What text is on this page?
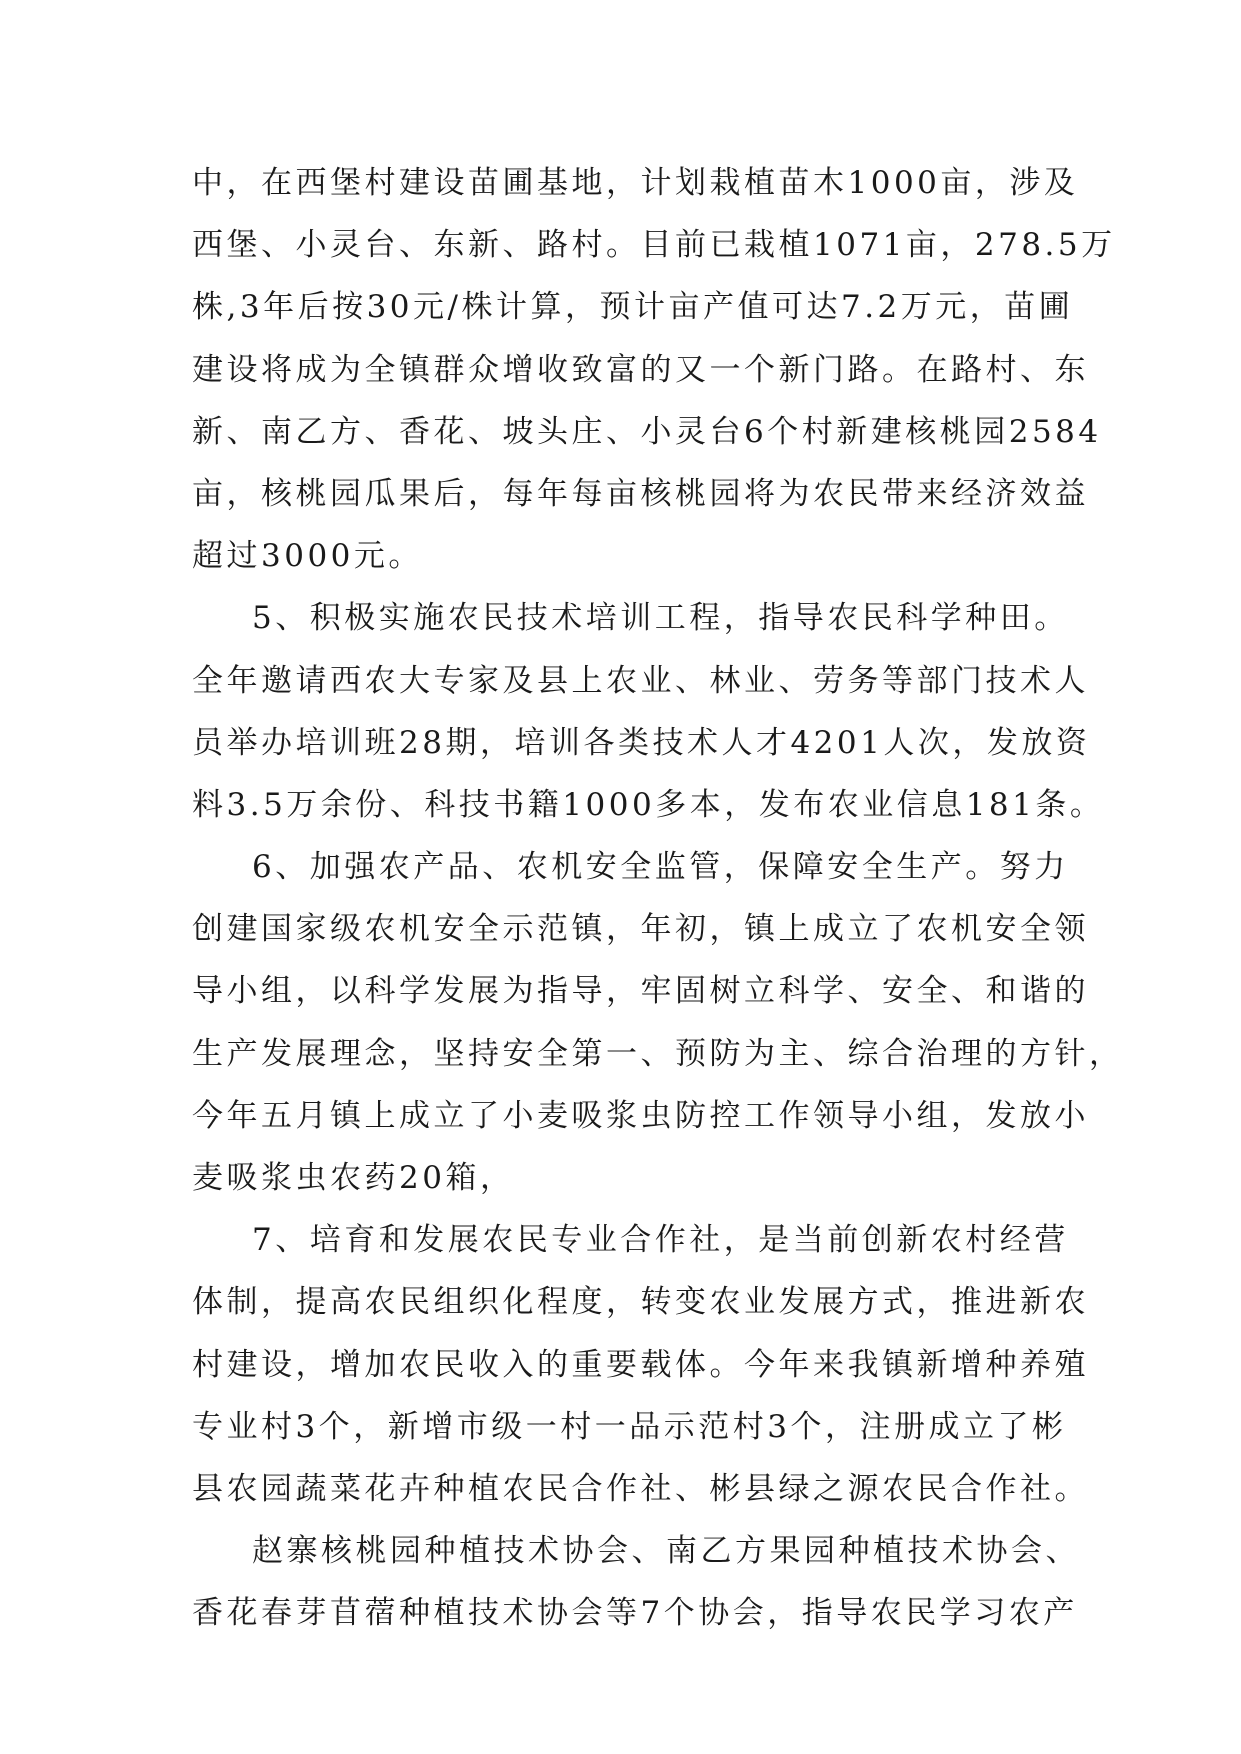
中，在西堡村建设苗圃基地，计划栽植苗木1000亩，涉及
西堡、小灵台、东新、路村。目前已栽植1071亩，278.5万
株,3年后按30元/株计算，预计亩产值可达7.2万元，苗圃
建设将成为全镇群众增收致富的又一个新门路。在路村、东
新、南乙方、香花、坡头庄、小灵台6个村新建核桃园2584
亩，核桃园瓜果后，每年每亩核桃园将为农民带来经济效益
超过3000元。
5、积极实施农民技术培训工程，指导农民科学种田。
全年邀请西农大专家及县上农业、林业、劳务等部门技术人
员举办培训班28期，培训各类技术人才4201人次，发放资
料3.5万余份、科技书籍1000多本，发布农业信息181条。
6、加强农产品、农机安全监管，保障安全生产。努力
创建国家级农机安全示范镇，年初，镇上成立了农机安全领
导小组，以科学发展为指导，牢固树立科学、安全、和谐的
生产发展理念，坚持安全第一、预防为主、综合治理的方针，
今年五月镇上成立了小麦吸浆虫防控工作领导小组，发放小
麦吸浆虫农药20箱，
7、培育和发展农民专业合作社，是当前创新农村经营
体制，提高农民组织化程度，转变农业发展方式，推进新农
村建设，增加农民收入的重要载体。今年来我镇新增种养殖
专业村3个，新增市级一村一品示范村3个，注册成立了彬
县农园蔬菜花卉种植农民合作社、彬县绿之源农民合作社。
赵寨核桃园种植技术协会、南乙方果园种植技术协会、
香花春芽苜蓿种植技术协会等7个协会，指导农民学习农产
